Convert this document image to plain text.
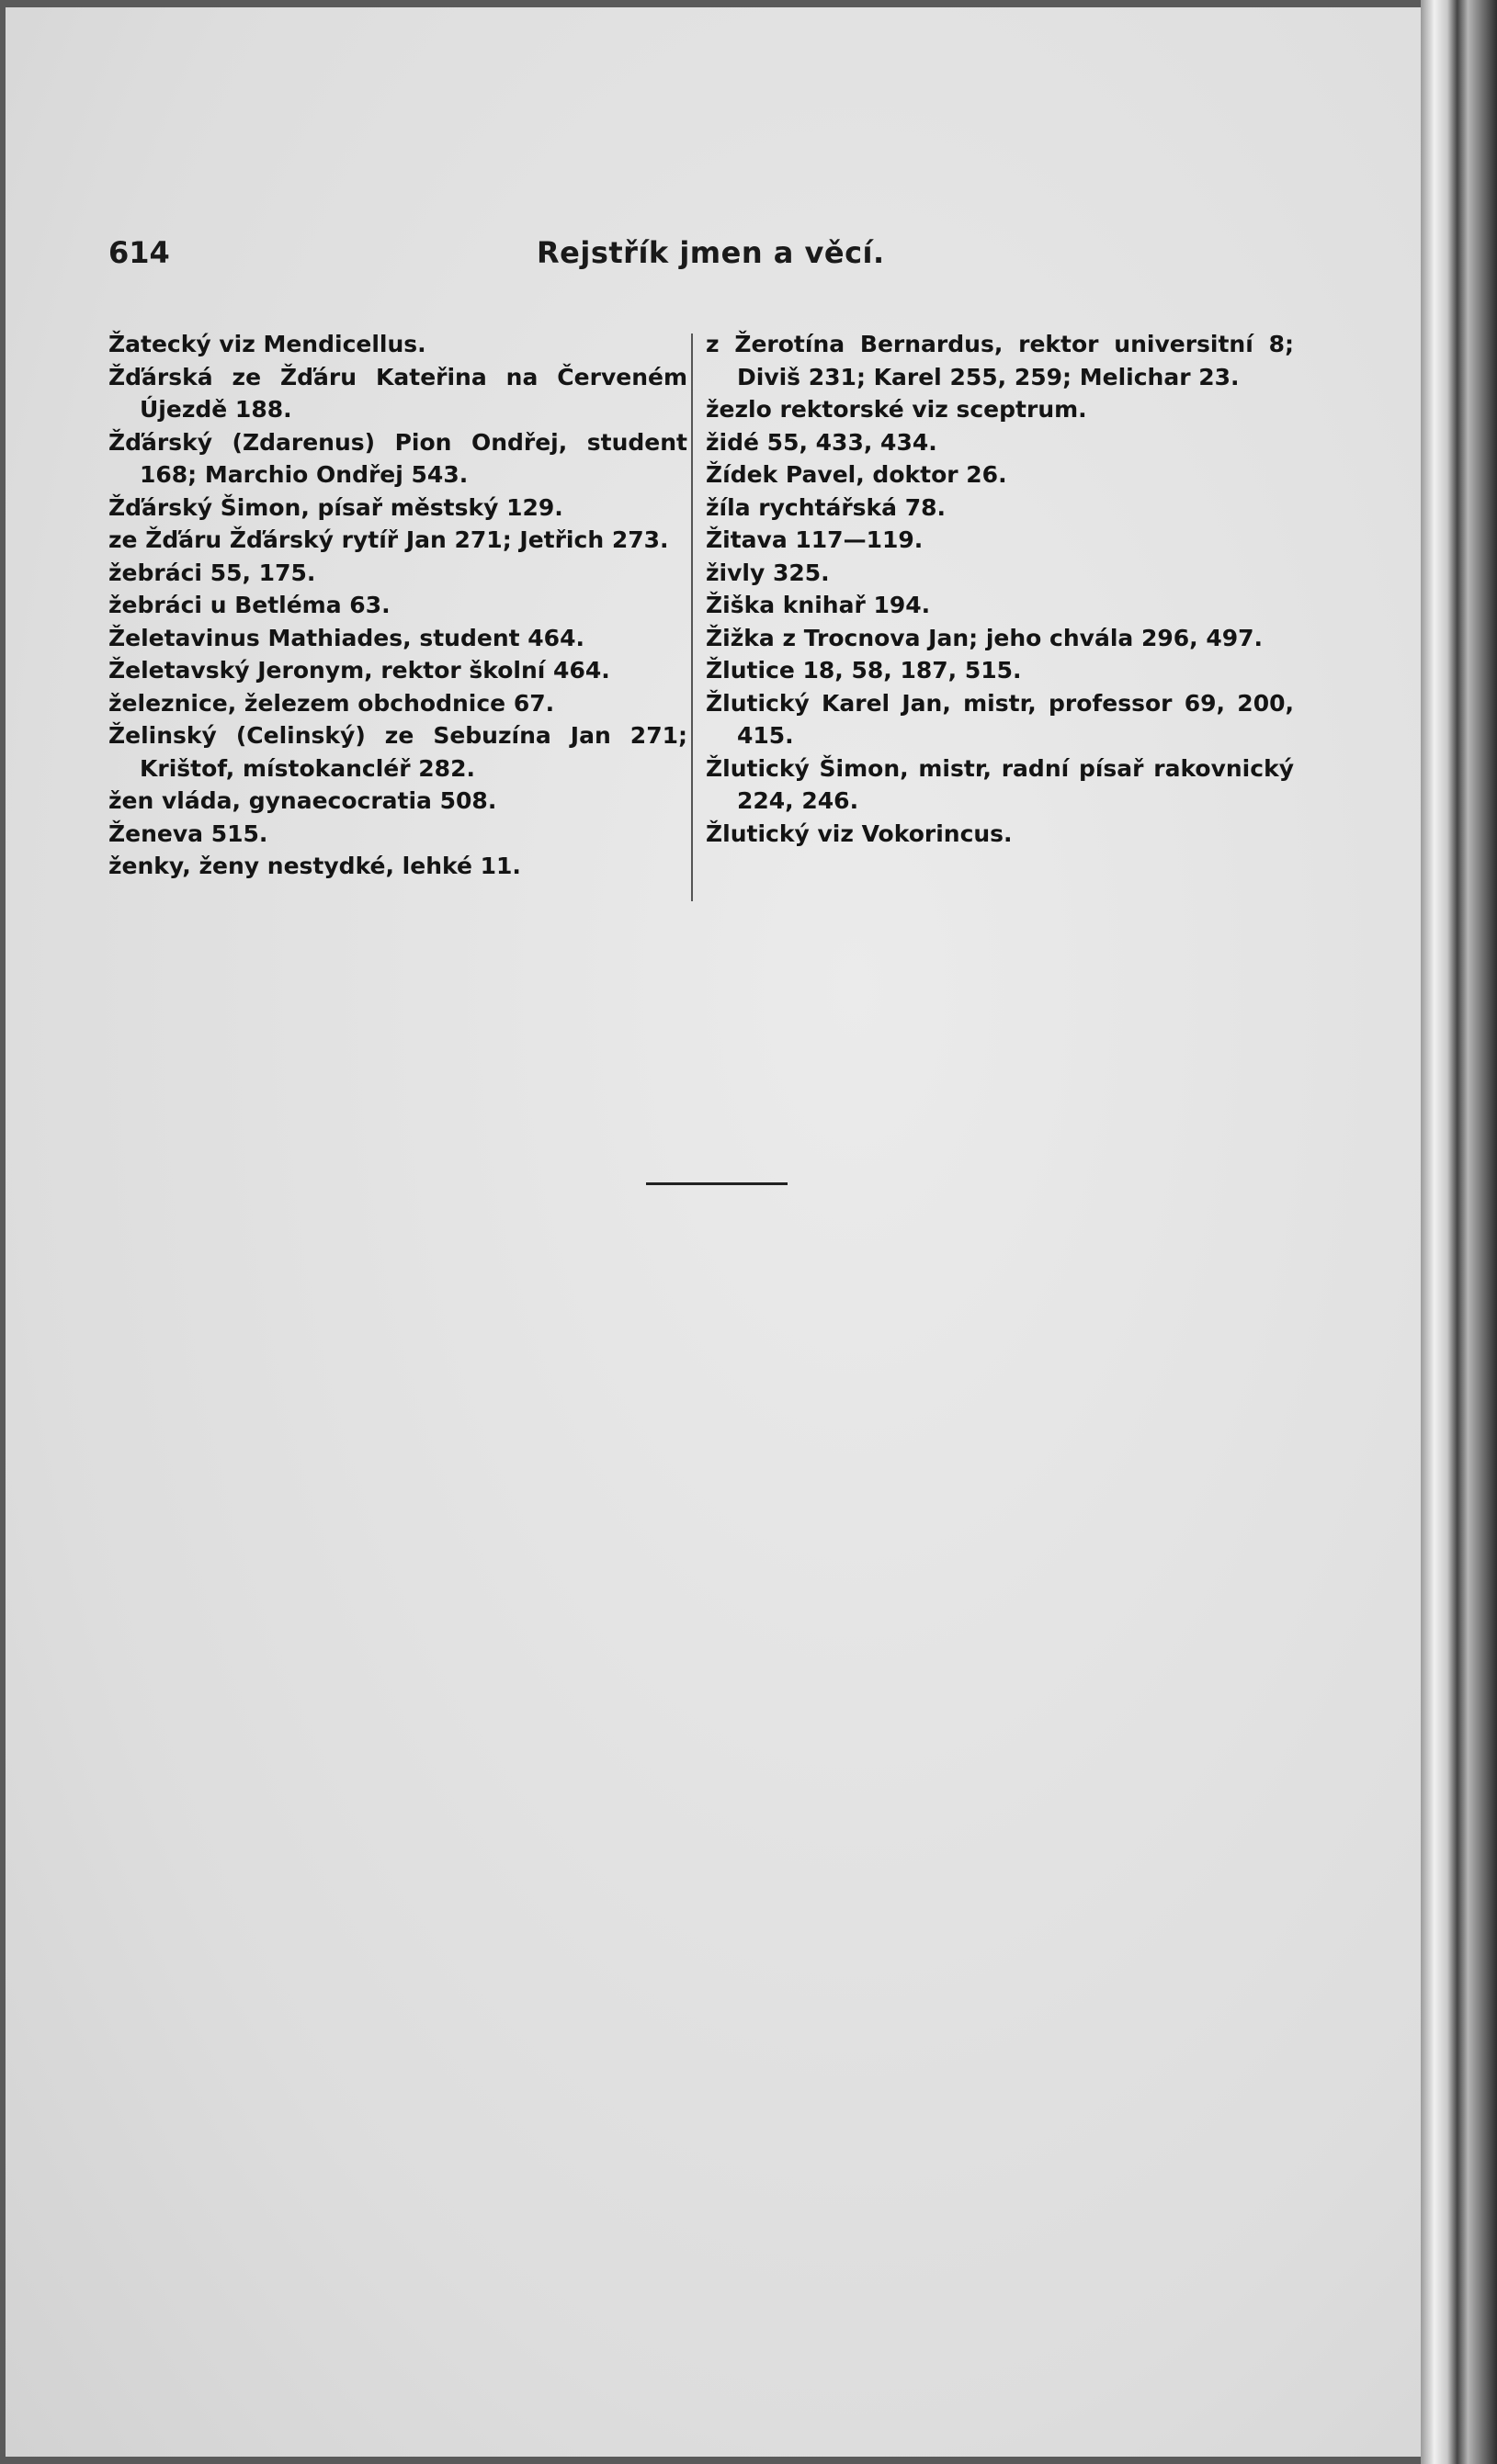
614	Rejstřík jmen a věcí.
Žatecký viz Mendicellus.
Žďárská ze Žďáru Kateřina na Červeném Újezdě 188.
Žďárský (Zdarenus) Pion Ondřej, student 168; Marchio Ondřej 543.
Žďárský Šimon, písař městský 129.
ze Žďáru Žďárský rytíř Jan 271; Jetřich 273.
žebráci 55, 175.
žebráci u Betléma 63.
Želetavinus Mathiades, student 464.
Želetavský Jeronym, rektor školní 464.
železnice, železem obchodnice 67.
Želinský (Celinský) ze Sebuzína Jan 271; Krištof, místokancléř 282.
žen vláda, gynaecocratia 508.
Ženeva 515.
ženky, ženy nestydké, lehké 11.
z Žerotína Bernardus, rektor universitní 8; Diviš 231; Karel 255, 259; Melichar 23.
žezlo rektorské viz sceptrum.
židé 55, 433, 434.
Žídek Pavel, doktor 26.
žíla rychtářská 78.
Žitava 117—119.
živly 325.
Žiška knihař 194.
Žižka z Trocnova Jan; jeho chvála 296, 497.
Žlutice 18, 58, 187, 515.
Žlutický Karel Jan, mistr, professor 69, 200, 415.
Žlutický Šimon, mistr, radní písař rakovnický 224, 246.
Žlutický viz Vokorincus.
